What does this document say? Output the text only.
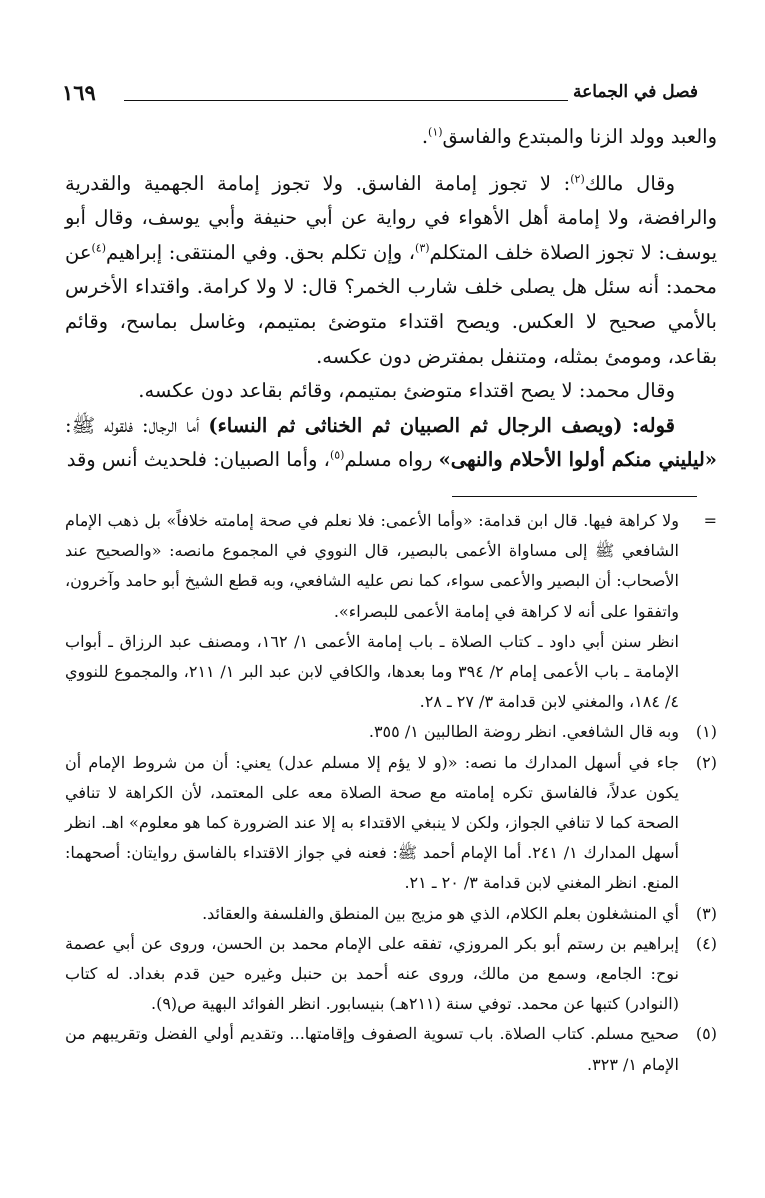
فصل في الجماعة
١٦٩

والعبد وولد الزنا والمبتدع والفاسق$^{(١)}$.

وقال مالك$^{(٢)}$: لا تجوز إمامة الفاسق. ولا تجوز إمامة الجهمية والقدرية والرافضة، ولا إمامة أهل الأهواء في رواية عن أبي حنيفة وأبي يوسف، وقال أبو يوسف: لا تجوز الصلاة خلف المتكلم$^{(٣)}$، وإن تكلم بحق. وفي المنتقى: إبراهيم$^{(٤)}$عن محمد: أنه سئل هل يصلى خلف شارب الخمر؟ قال: لا ولا كرامة. واقتداء الأخرس بالأمي صحيح لا العكس. ويصح اقتداء متوضئ بمتيمم، وغاسل بماسح، وقائم بقاعد، ومومئ بمثله، ومتنفل بمفترض دون عكسه.

وقال محمد: لا يصح اقتداء متوضئ بمتيمم، وقائم بقاعد دون عكسه.

قوله: (ويصف الرجال ثم الصبيان ثم الخناثى ثم النساء) أما الرجال: فلقوله ﷺ: «ليليني منكم أولوا الأحلام والنهى» رواه مسلم$^{(٥)}$، وأما الصبيان: فلحديث أنس وقد

=
ولا كراهة فيها. قال ابن قدامة: «وأما الأعمى: فلا نعلم في صحة إمامته خلافاً» بل ذهب الإمام الشافعي ﷺ إلى مساواة الأعمى بالبصير، قال النووي في المجموع مانصه: «والصحيح عند الأصحاب: أن البصير والأعمى سواء، كما نص عليه الشافعي، وبه قطع الشيخ أبو حامد وآخرون، واتفقوا على أنه لا كراهة في إمامة الأعمى للبصراء».
انظر سنن أبي داود ـ كتاب الصلاة ـ باب إمامة الأعمى ١/ ١٦٢، ومصنف عبد الرزاق ـ أبواب الإمامة ـ باب الأعمى إمام ٢/ ٣٩٤ وما بعدها، والكافي لابن عبد البر ١/ ٢١١، والمجموع للنووي ٤/ ١٨٤، والمغني لابن قدامة ٣/ ٢٧ ـ ٢٨.
(١)
وبه قال الشافعي. انظر روضة الطالبين ١/ ٣٥٥.
(٢)
جاء في أسهل المدارك ما نصه: «(و لا يؤم إلا مسلم عدل) يعني: أن من شروط الإمام أن يكون عدلاً، فالفاسق تكره إمامته مع صحة الصلاة معه على المعتمد، لأن الكراهة لا تنافي الصحة كما لا تنافي الجواز، ولكن لا ينبغي الاقتداء به إلا عند الضرورة كما هو معلوم» اهـ. انظر أسهل المدارك ١/ ٢٤١. أما الإمام أحمد ﷺ: فعنه في جواز الاقتداء بالفاسق روايتان: أصحهما: المنع. انظر المغني لابن قدامة ٣/ ٢٠ ـ ٢١.
(٣)
أي المنشغلون بعلم الكلام، الذي هو مزيج بين المنطق والفلسفة والعقائد.
(٤)
إبراهيم بن رستم أبو بكر المروزي، تفقه على الإمام محمد بن الحسن، وروى عن أبي عصمة نوح: الجامع، وسمع من مالك، وروى عنه أحمد بن حنبل وغيره حين قدم بغداد. له كتاب (النوادر) كتبها عن محمد. توفي سنة (٢١١هـ) بنيسابور. انظر الفوائد البهية ص(٩).
(٥)
صحيح مسلم. كتاب الصلاة. باب تسوية الصفوف وإقامتها... وتقديم أولي الفضل وتقريبهم من الإمام ١/ ٣٢٣.
